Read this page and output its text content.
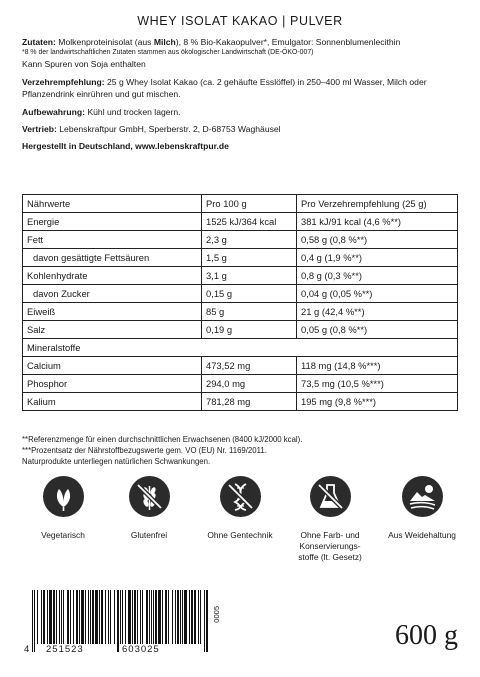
WHEY ISOLAT KAKAO | PULVER

Zutaten: Molkenproteinisolat (aus Milch), 8 % Bio-Kakaopulver*, Emulgator: Sonnenblumenlecithin

*8 % der landwirtschaftlichen Zutaten stammen aus ökologischer Landwirtschaft (DE-ÖKO-007)

Kann Spuren von Soja enthalten

Verzehrempfehlung: 25 g Whey Isolat Kakao (ca. 2 gehäufte Esslöffel) in 250–400 ml Wasser, Milch oder Pflanzendrink einrühren und gut mischen.

Aufbewahrung: Kühl und trocken lagern.

Vertrieb: Lebenskraftpur GmbH, Sperberstr. 2, D-68753 Waghäusel

Hergestellt in Deutschland, www.lebenskraftpur.de

Nährwerte	Pro 100 g	Pro Verzehrempfehlung (25 g)
Energie	1525 kJ/364 kcal	381 kJ/91 kcal (4,6 %**)
Fett	2,3 g	0,58 g (0,8 %**)
davon gesättigte Fettsäuren	1,5 g	0,4 g (1,9 %**)
Kohlenhydrate	3,1 g	0,8 g (0,3 %**)
davon Zucker	0,15 g	0,04 g (0,05 %**)
Eiweiß	85 g	21 g (42,4 %**)
Salz	0,19 g	0,05 g (0,8 %**)
Mineralstoffe		
Calcium	473,52 mg	118 mg (14,8 %***)
Phosphor	294,0 mg	73,5 mg (10,5 %***)
Kalium	781,28 mg	195 mg (9,8 %***)

**Referenzmenge für einen durchschnittlichen Erwachsenen (8400 kJ/2000 kcal).

***Prozentsatz der Nährstoffbezugswerte gem. VO (EU) Nr. 1169/2011.

Naturprodukte unterliegen natürlichen Schwankungen.

Vegetarisch	Glutenfrei	Ohne Gentechnik	Ohne Farb- und Konservierungs-stoffe (lt. Gesetz)
Aus Weidehaltung
4 251523	603025
0005
600 g
